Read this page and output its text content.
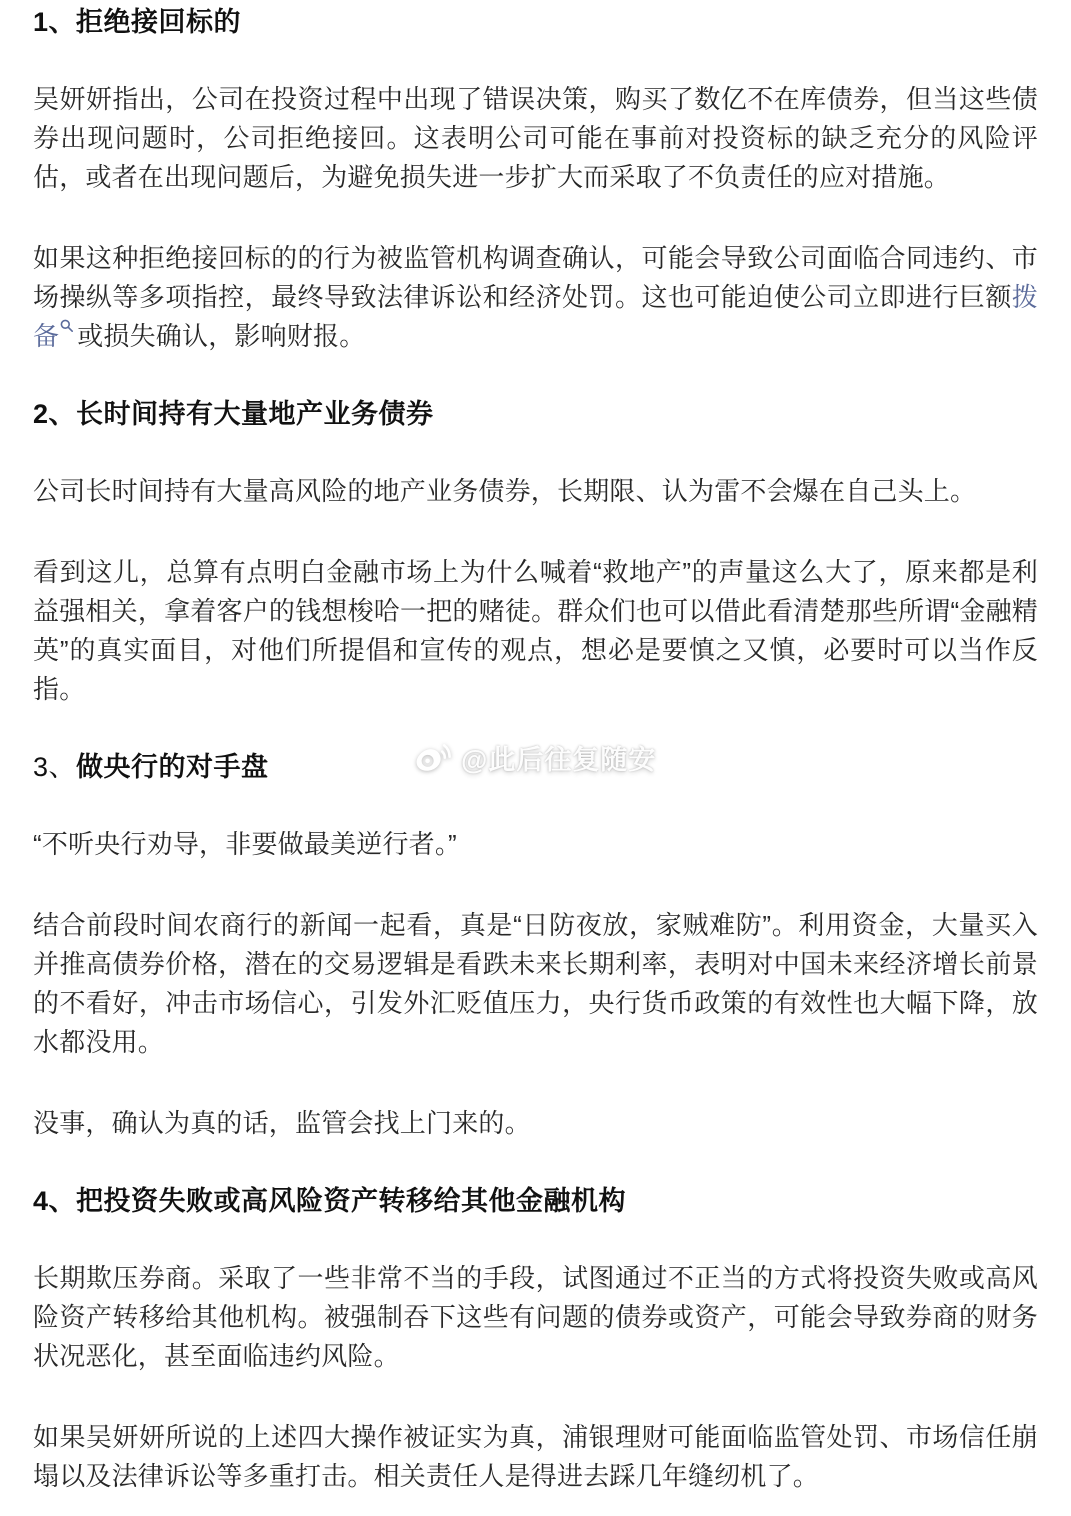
1、拒绝接回标的

吴妍妍指出，公司在投资过程中出现了错误决策，购买了数亿不在库债券，但当这些债券出现问题时，公司拒绝接回。这表明公司可能在事前对投资标的缺乏充分的风险评估，或者在出现问题后，为避免损失进一步扩大而采取了不负责任的应对措施。

如果这种拒绝接回标的的行为被监管机构调查确认，可能会导致公司面临合同违约、市场操纵等多项指控，最终导致法律诉讼和经济处罚。这也可能迫使公司立即进行巨额拨备 或损失确认，影响财报。

2、长时间持有大量地产业务债券

公司长时间持有大量高风险的地产业务债券，长期限、认为雷不会爆在自己头上。

看到这儿，总算有点明白金融市场上为什么喊着“救地产”的声量这么大了，原来都是利益强相关，拿着客户的钱想梭哈一把的赌徒。群众们也可以借此看清楚那些所谓“金融精英”的真实面目，对他们所提倡和宣传的观点，想必是要慎之又慎，必要时可以当作反指。

3、做央行的对手盘

“不听央行劝导，非要做最美逆行者。”

结合前段时间农商行的新闻一起看，真是“日防夜放，家贼难防”。利用资金，大量买入并推高债券价格，潜在的交易逻辑是看跌未来长期利率，表明对中国未来经济增长前景的不看好，冲击市场信心，引发外汇贬值压力，央行货币政策的有效性也大幅下降，放水都没用。

没事，确认为真的话，监管会找上门来的。

4、把投资失败或高风险资产转移给其他金融机构

长期欺压券商。采取了一些非常不当的手段，试图通过不正当的方式将投资失败或高风险资产转移给其他机构。被强制吞下这些有问题的债券或资产，可能会导致券商的财务状况恶化，甚至面临违约风险。

如果吴妍妍所说的上述四大操作被证实为真，浦银理财可能面临监管处罚、市场信任崩塌以及法律诉讼等多重打击。相关责任人是得进去踩几年缝纫机了。

@此后往复随安
